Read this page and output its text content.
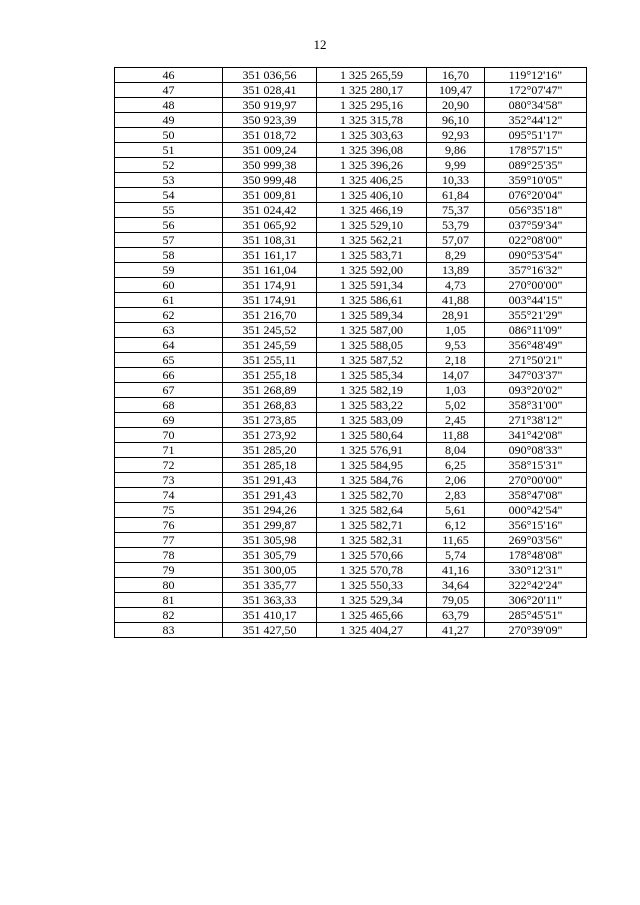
12
46	351 036,56	1 325 265,59	16,70	119°12'16"
47	351 028,41	1 325 280,17	109,47	172°07'47"
48	350 919,97	1 325 295,16	20,90	080°34'58"
49	350 923,39	1 325 315,78	96,10	352°44'12"
50	351 018,72	1 325 303,63	92,93	095°51'17"
51	351 009,24	1 325 396,08	9,86	178°57'15"
52	350 999,38	1 325 396,26	9,99	089°25'35"
53	350 999,48	1 325 406,25	10,33	359°10'05"
54	351 009,81	1 325 406,10	61,84	076°20'04"
55	351 024,42	1 325 466,19	75,37	056°35'18"
56	351 065,92	1 325 529,10	53,79	037°59'34"
57	351 108,31	1 325 562,21	57,07	022°08'00"
58	351 161,17	1 325 583,71	8,29	090°53'54"
59	351 161,04	1 325 592,00	13,89	357°16'32"
60	351 174,91	1 325 591,34	4,73	270°00'00"
61	351 174,91	1 325 586,61	41,88	003°44'15"
62	351 216,70	1 325 589,34	28,91	355°21'29"
63	351 245,52	1 325 587,00	1,05	086°11'09"
64	351 245,59	1 325 588,05	9,53	356°48'49"
65	351 255,11	1 325 587,52	2,18	271°50'21"
66	351 255,18	1 325 585,34	14,07	347°03'37"
67	351 268,89	1 325 582,19	1,03	093°20'02"
68	351 268,83	1 325 583,22	5,02	358°31'00"
69	351 273,85	1 325 583,09	2,45	271°38'12"
70	351 273,92	1 325 580,64	11,88	341°42'08"
71	351 285,20	1 325 576,91	8,04	090°08'33"
72	351 285,18	1 325 584,95	6,25	358°15'31"
73	351 291,43	1 325 584,76	2,06	270°00'00"
74	351 291,43	1 325 582,70	2,83	358°47'08"
75	351 294,26	1 325 582,64	5,61	000°42'54"
76	351 299,87	1 325 582,71	6,12	356°15'16"
77	351 305,98	1 325 582,31	11,65	269°03'56"
78	351 305,79	1 325 570,66	5,74	178°48'08"
79	351 300,05	1 325 570,78	41,16	330°12'31"
80	351 335,77	1 325 550,33	34,64	322°42'24"
81	351 363,33	1 325 529,34	79,05	306°20'11"
82	351 410,17	1 325 465,66	63,79	285°45'51"
83	351 427,50	1 325 404,27	41,27	270°39'09"
